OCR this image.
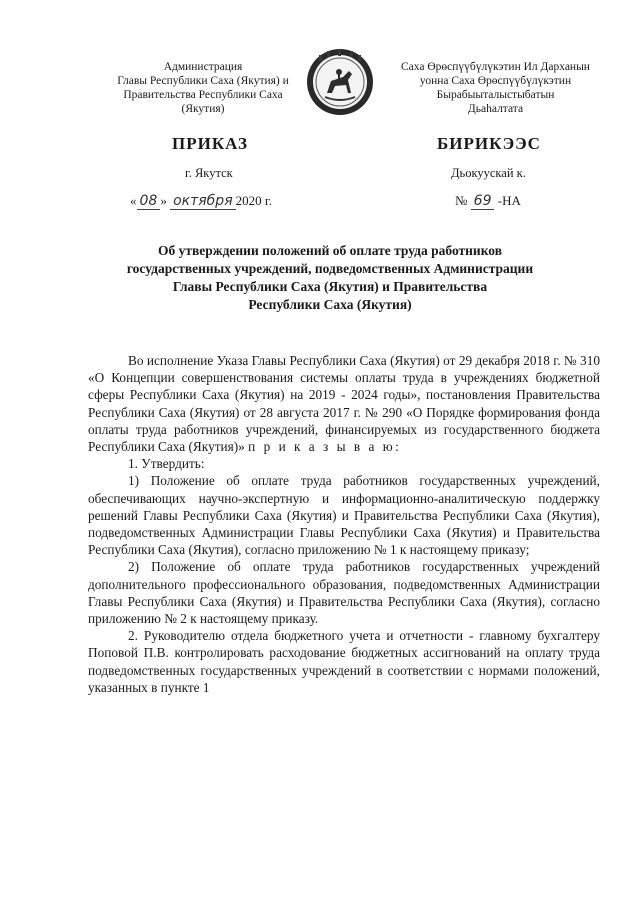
Администрация
Главы Республики Саха (Якутия) и
Правительства Республики Саха
(Якутия)
Саха Өрөспүүбүлүкэтин Ил Дарханын
уонна Саха Өрөспүүбүлүкэтин
Бырабыыталыстыбатын
Дьаһалтата
ПРИКАЗ	БИРИКЭЭС
г. Якутск	Дьокуускай к.
« 08 » октября 2020 г.	№ 69 -НА
Об утверждении положений об оплате труда работников
государственных учреждений, подведомственных Администрации
Главы Республики Саха (Якутия) и Правительства
Республики Саха (Якутия)

Во исполнение Указа Главы Республики Саха (Якутия) от 29 декабря 2018 г. № 310 «О Концепции совершенствования системы оплаты труда в учреждениях бюджетной сферы Республики Саха (Якутия) на 2019 - 2024 годы», постановления Правительства Республики Саха (Якутия) от 28 августа 2017 г. № 290 «О Порядке формирования фонда оплаты труда работников учреждений, финансируемых из государственного бюджета Республики Саха (Якутия)» п р и к а з ы в а ю:

1. Утвердить:

1) Положение об оплате труда работников государственных учреждений, обеспечивающих научно-экспертную и информационно-аналитическую поддержку решений Главы Республики Саха (Якутия) и Правительства Республики Саха (Якутия), подведомственных Администрации Главы Республики Саха (Якутия) и Правительства Республики Саха (Якутия), согласно приложению № 1 к настоящему приказу;

2) Положение об оплате труда работников государственных учреждений дополнительного профессионального образования, подведомственных Администрации Главы Республики Саха (Якутия) и Правительства Республики Саха (Якутия), согласно приложению № 2 к настоящему приказу.

2. Руководителю отдела бюджетного учета и отчетности - главному бухгалтеру Поповой П.В. контролировать расходование бюджетных ассигнований на оплату труда подведомственных государственных учреждений в соответствии с нормами положений, указанных в пункте 1
